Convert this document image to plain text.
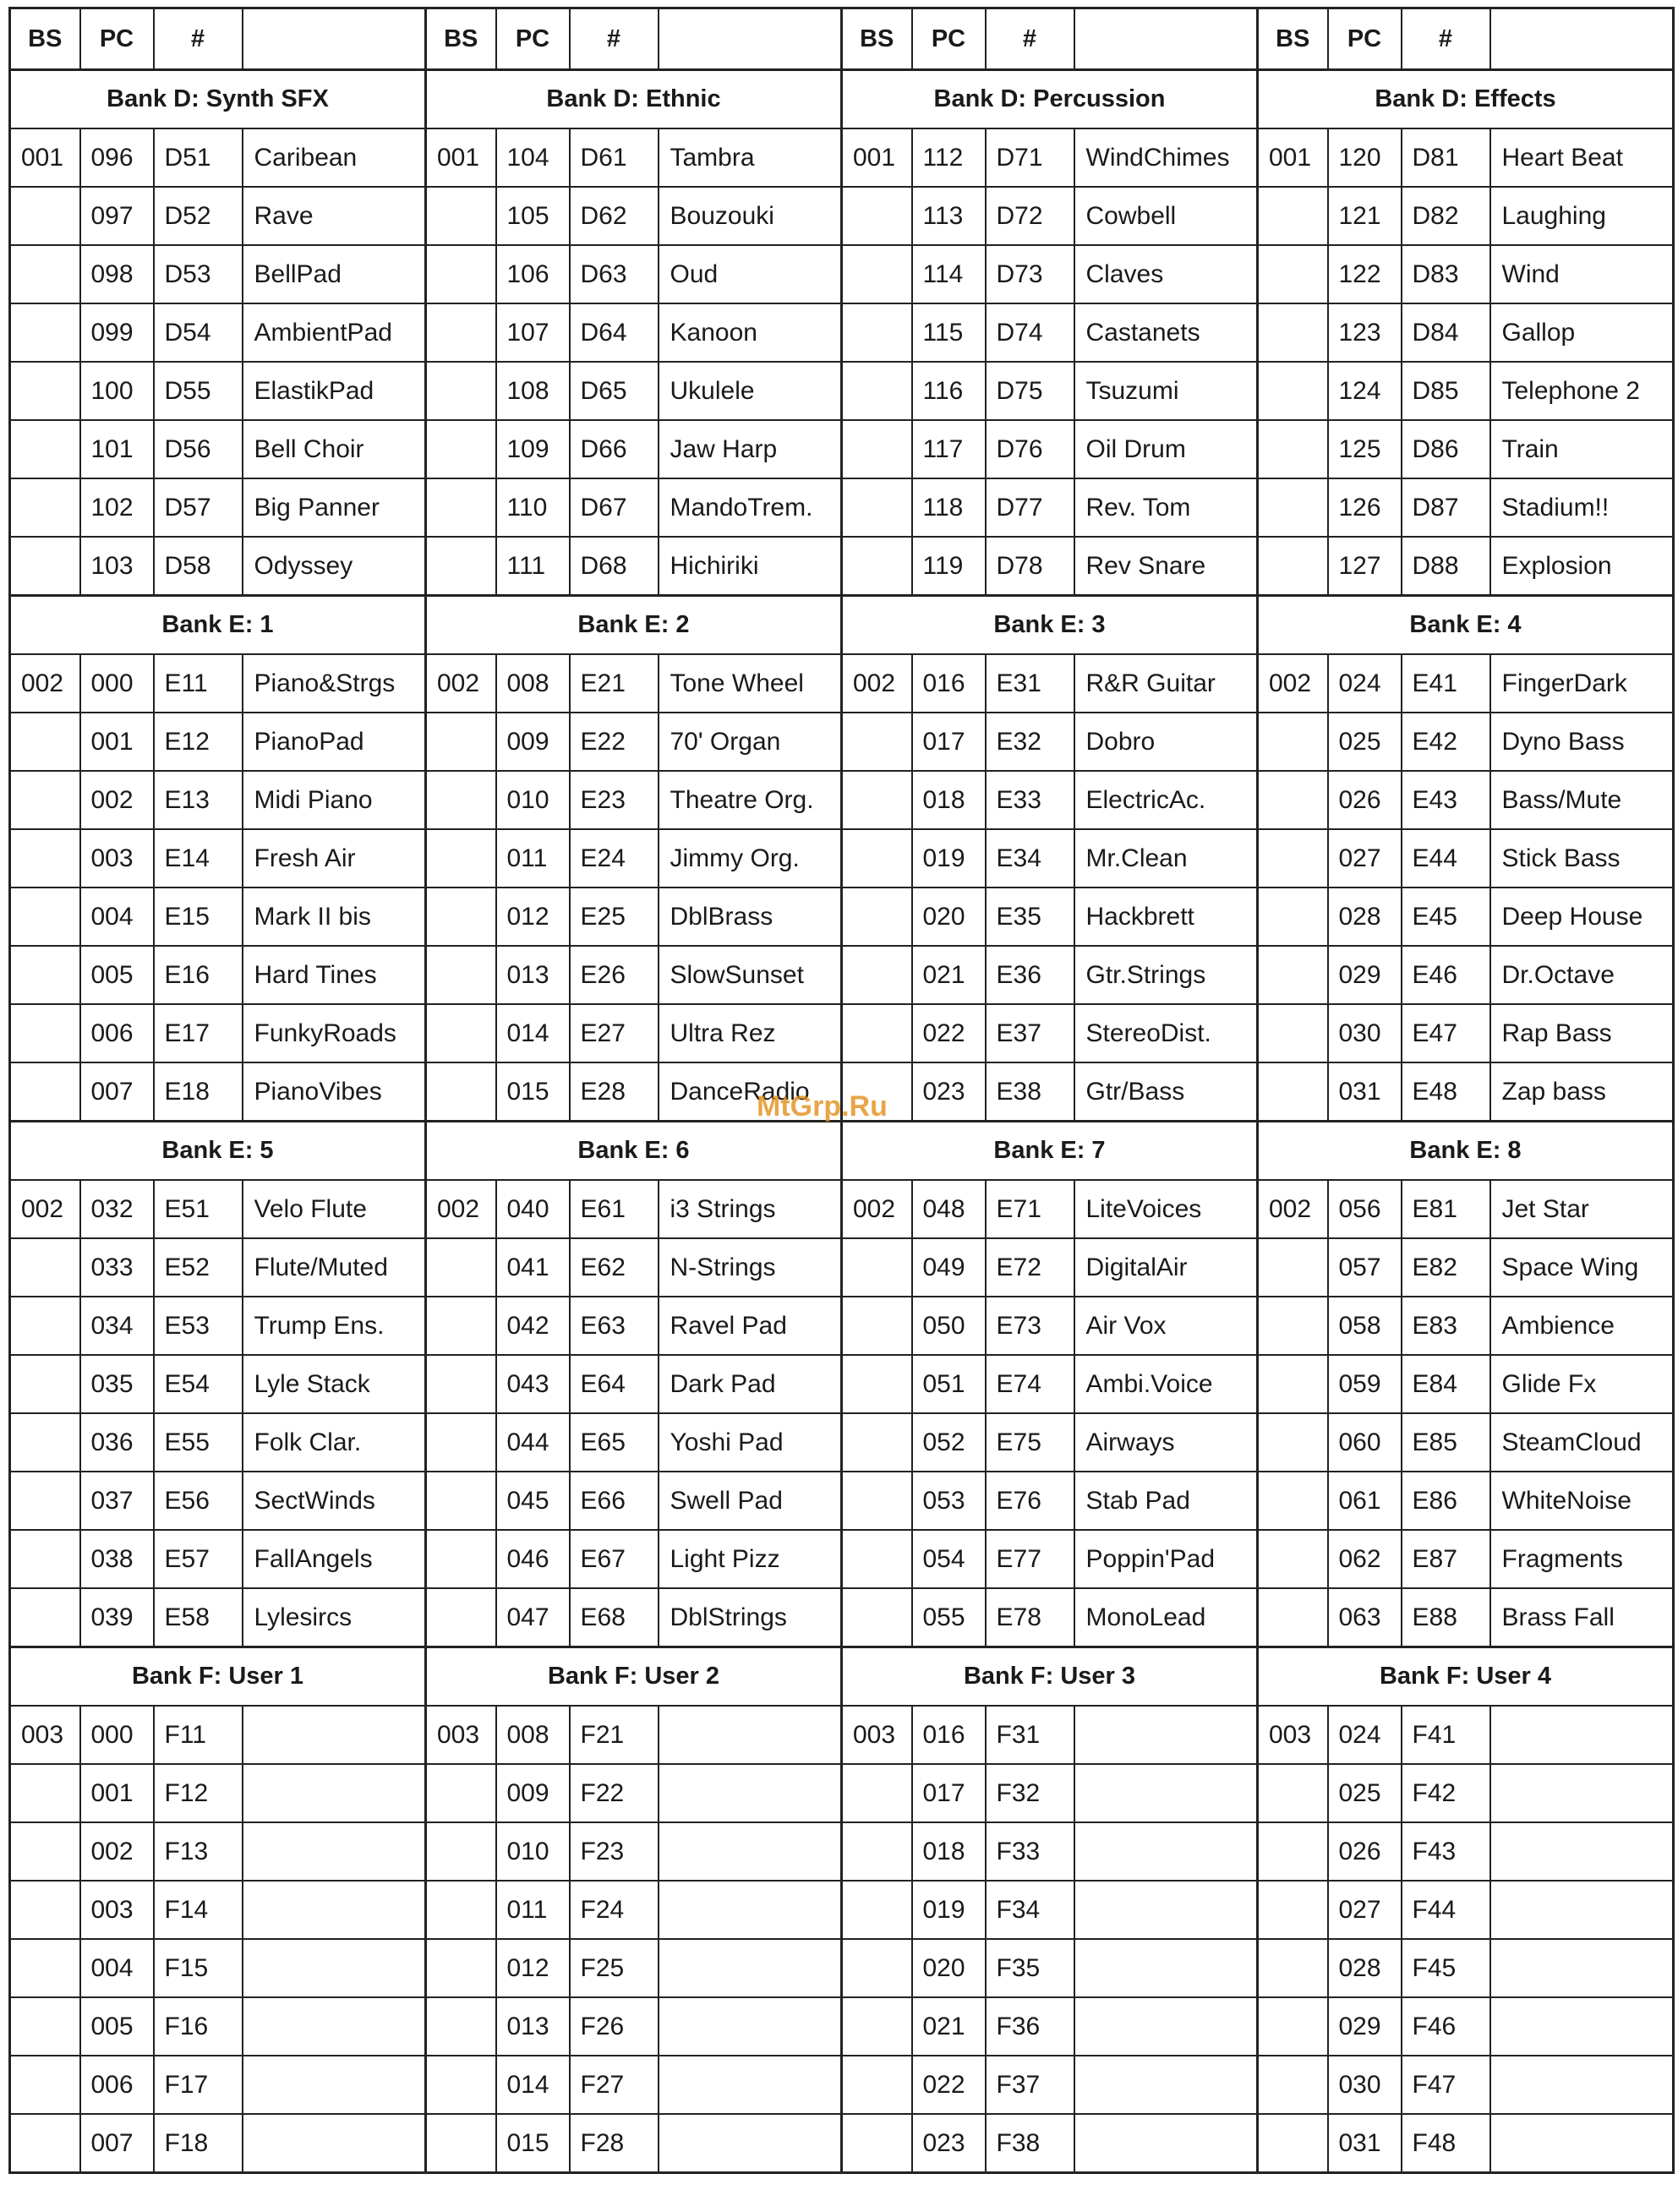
BS	PC	#		BS	PC	#		BS	PC	#		BS	PC	#	
Bank D: Synth SFX				Bank D: Ethnic				Bank D: Percussion				Bank D: Effects			
001	096	D51	Caribean	001	104	D61	Tambra	001	112	D71	WindChimes	001	120	D81	Heart Beat
	097	D52	Rave		105	D62	Bouzouki		113	D72	Cowbell		121	D82	Laughing
	098	D53	BellPad		106	D63	Oud		114	D73	Claves		122	D83	Wind
	099	D54	AmbientPad		107	D64	Kanoon		115	D74	Castanets		123	D84	Gallop
	100	D55	ElastikPad		108	D65	Ukulele		116	D75	Tsuzumi		124	D85	Telephone 2
	101	D56	Bell Choir		109	D66	Jaw Harp		117	D76	Oil Drum		125	D86	Train
	102	D57	Big Panner		110	D67	MandoTrem.		118	D77	Rev. Tom		126	D87	Stadium!!
	103	D58	Odyssey		111	D68	Hichiriki		119	D78	Rev Snare		127	D88	Explosion
Bank E: 1				Bank E: 2				Bank E: 3				Bank E: 4			
002	000	E11	Piano&Strgs	002	008	E21	Tone Wheel	002	016	E31	R&R Guitar	002	024	E41	FingerDark
	001	E12	PianoPad		009	E22	70' Organ		017	E32	Dobro		025	E42	Dyno Bass
	002	E13	Midi Piano		010	E23	Theatre Org.		018	E33	ElectricAc.		026	E43	Bass/Mute
	003	E14	Fresh Air		011	E24	Jimmy Org.		019	E34	Mr.Clean		027	E44	Stick Bass
	004	E15	Mark II bis		012	E25	DblBrass		020	E35	Hackbrett		028	E45	Deep House
	005	E16	Hard Tines		013	E26	SlowSunset		021	E36	Gtr.Strings		029	E46	Dr.Octave
	006	E17	FunkyRoads		014	E27	Ultra Rez		022	E37	StereoDist.		030	E47	Rap Bass
	007	E18	PianoVibes		015	E28	DanceRadio		023	E38	Gtr/Bass		031	E48	Zap bass
Bank E: 5				Bank E: 6				Bank E: 7				Bank E: 8			
002	032	E51	Velo Flute	002	040	E61	i3 Strings	002	048	E71	LiteVoices	002	056	E81	Jet Star
	033	E52	Flute/Muted		041	E62	N-Strings		049	E72	DigitalAir		057	E82	Space Wing
	034	E53	Trump Ens.		042	E63	Ravel Pad		050	E73	Air Vox		058	E83	Ambience
	035	E54	Lyle Stack		043	E64	Dark Pad		051	E74	Ambi.Voice		059	E84	Glide Fx
	036	E55	Folk Clar.		044	E65	Yoshi Pad		052	E75	Airways		060	E85	SteamCloud
	037	E56	SectWinds		045	E66	Swell Pad		053	E76	Stab Pad		061	E86	WhiteNoise
	038	E57	FallAngels		046	E67	Light Pizz		054	E77	Poppin'Pad		062	E87	Fragments
	039	E58	Lylesircs		047	E68	DblStrings		055	E78	MonoLead		063	E88	Brass Fall
Bank F: User 1				Bank F: User 2				Bank F: User 3				Bank F: User 4			
003	000	F11		003	008	F21		003	016	F31		003	024	F41	
	001	F12			009	F22			017	F32			025	F42	
	002	F13			010	F23			018	F33			026	F43	
	003	F14			011	F24			019	F34			027	F44	
	004	F15			012	F25			020	F35			028	F45	
	005	F16			013	F26			021	F36			029	F46	
	006	F17			014	F27			022	F37			030	F47	
	007	F18			015	F28			023	F38			031	F48	
MtGrp.Ru
